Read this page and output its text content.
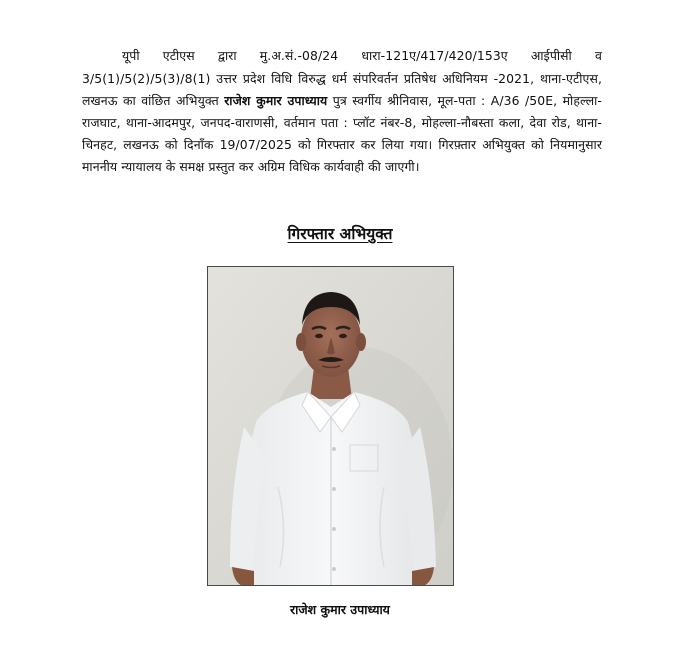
यूपी एटीएस द्वारा मु.अ.सं.-08/24 धारा-121ए/417/420/153ए आईपीसी व 3/5(1)/5(2)/5(3)/8(1) उत्तर प्रदेश विधि विरुद्ध धर्म संपरिवर्तन प्रतिषेध अधिनियम -2021, थाना-एटीएस, लखनऊ का वांछित अभियुक्त राजेश कुमार उपाध्याय पुत्र स्वर्गीय श्रीनिवास, मूल-पता : A/36 /50E, मोहल्ला-राजघाट, थाना-आदमपुर, जनपद-वाराणसी, वर्तमान पता : प्लॉट नंबर-8, मोहल्ला-नौबस्ता कला, देवा रोड, थाना-चिनहट, लखनऊ को दिनाँक 19/07/2025 को गिरफ्तार कर लिया गया। गिरफ़्तार अभियुक्त को नियमानुसार माननीय न्यायालय के समक्ष प्रस्तुत कर अग्रिम विधिक कार्यवाही की जाएगी।

गिरफ्तार अभियुक्त
राजेश कुमार उपाध्याय
